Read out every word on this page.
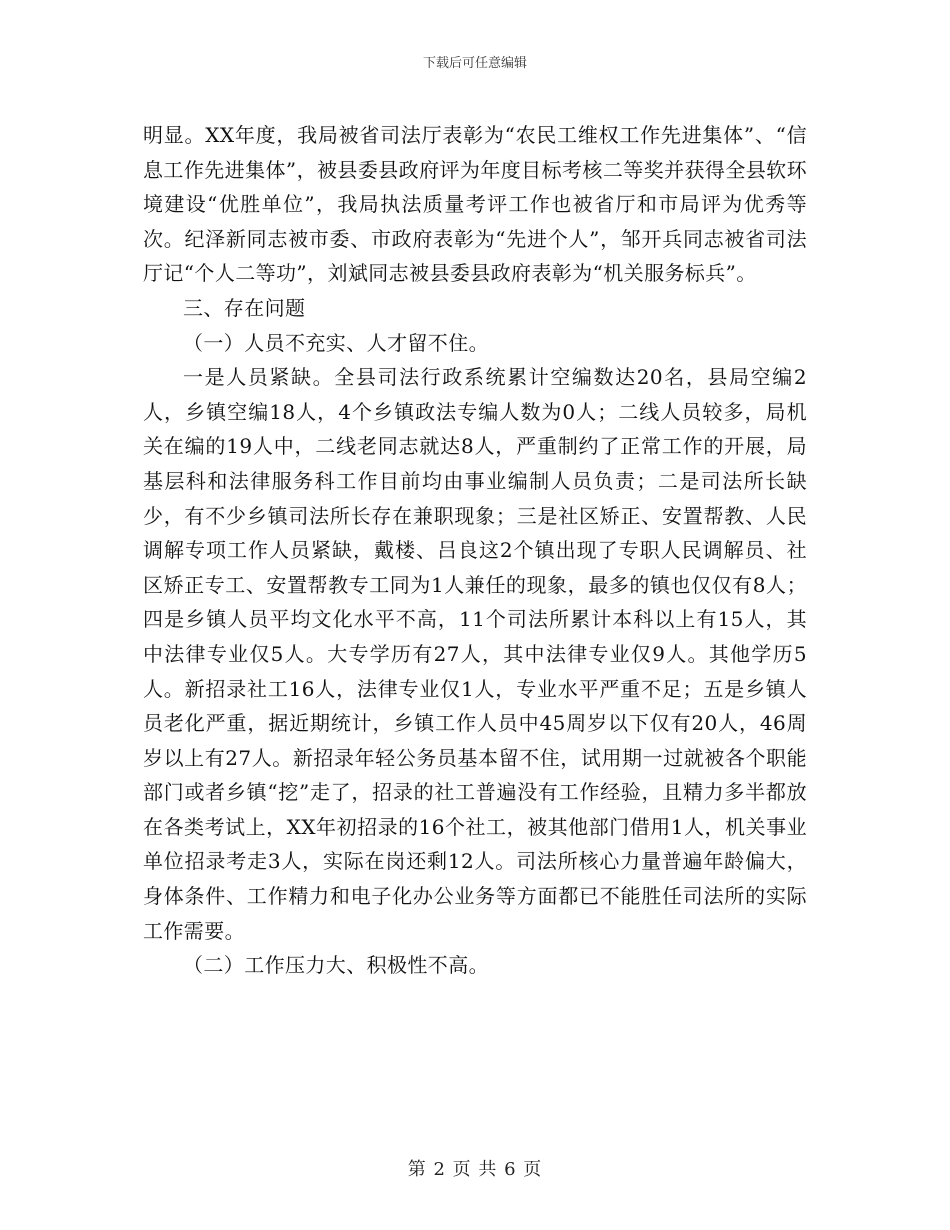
下载后可任意编辑

明显。XX年度，我局被省司法厅表彰为“农民工维权工作先进集体”、“信息工作先进集体”，被县委县政府评为年度目标考核二等奖并获得全县软环境建设“优胜单位”，我局执法质量考评工作也被省厅和市局评为优秀等次。纪泽新同志被市委、市政府表彰为“先进个人”，邹开兵同志被省司法厅记“个人二等功”，刘斌同志被县委县政府表彰为“机关服务标兵”。

三、存在问题

（一）人员不充实、人才留不住。

一是人员紧缺。全县司法行政系统累计空编数达20名，县局空编2人，乡镇空编18人，4个乡镇政法专编人数为0人；二线人员较多，局机关在编的19人中，二线老同志就达8人，严重制约了正常工作的开展，局基层科和法律服务科工作目前均由事业编制人员负责；二是司法所长缺少，有不少乡镇司法所长存在兼职现象；三是社区矫正、安置帮教、人民调解专项工作人员紧缺，戴楼、吕良这2个镇出现了专职人民调解员、社区矫正专工、安置帮教专工同为1人兼任的现象，最多的镇也仅仅有8人；四是乡镇人员平均文化水平不高，11个司法所累计本科以上有15人，其中法律专业仅5人。大专学历有27人，其中法律专业仅9人。其他学历5人。新招录社工16人，法律专业仅1人，专业水平严重不足；五是乡镇人员老化严重，据近期统计，乡镇工作人员中45周岁以下仅有20人，46周岁以上有27人。新招录年轻公务员基本留不住，试用期一过就被各个职能部门或者乡镇“挖”走了，招录的社工普遍没有工作经验，且精力多半都放在各类考试上，XX年初招录的16个社工，被其他部门借用1人，机关事业单位招录考走3人，实际在岗还剩12人。司法所核心力量普遍年龄偏大，身体条件、工作精力和电子化办公业务等方面都已不能胜任司法所的实际工作需要。

（二）工作压力大、积极性不高。

第 2 页 共 6 页
